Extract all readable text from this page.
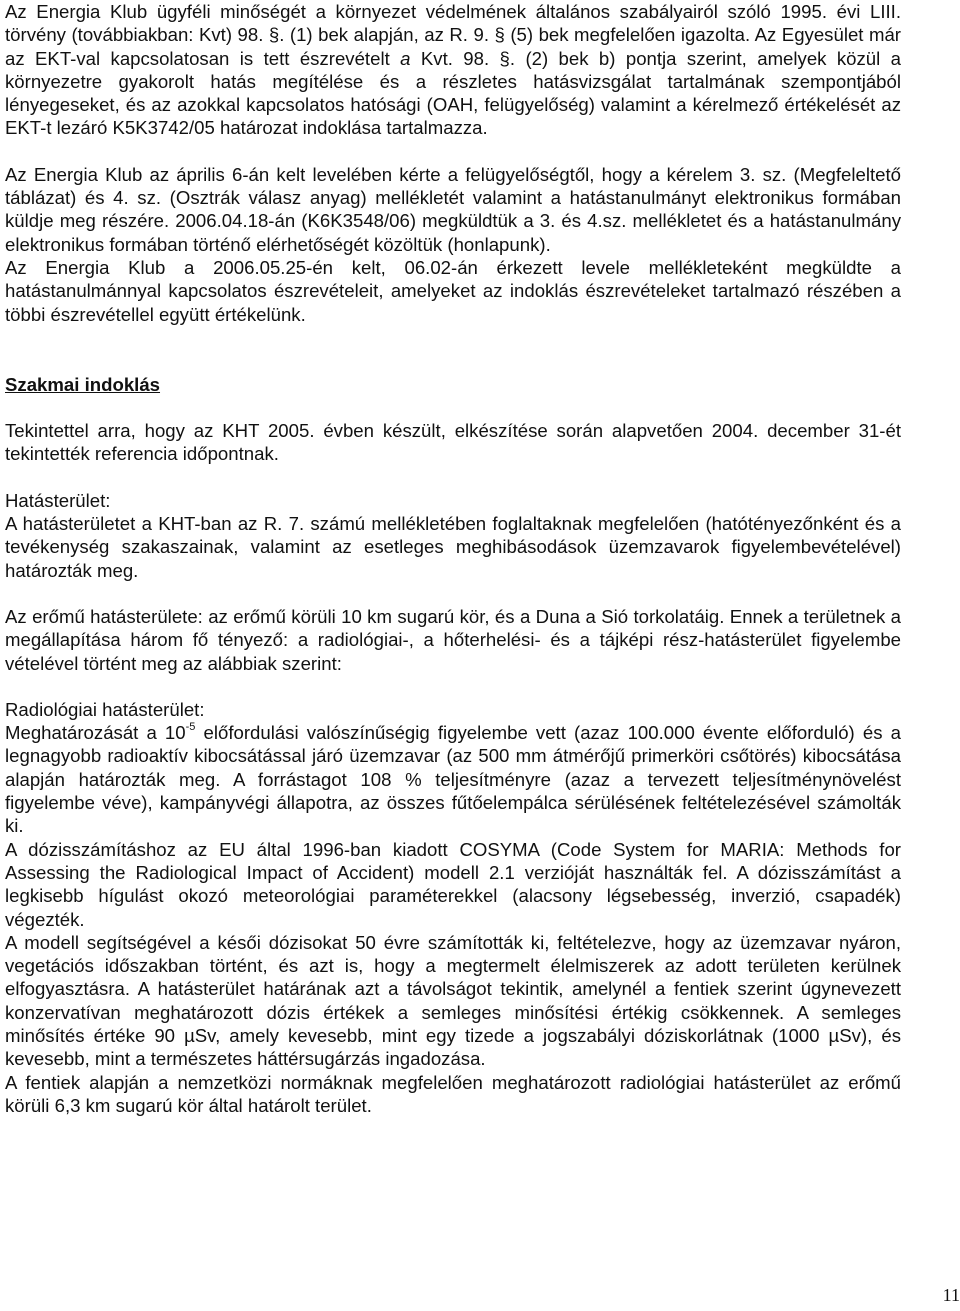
Az Energia Klub ügyféli minőségét a környezet védelmének általános szabályairól szóló 1995. évi LIII. törvény (továbbiakban: Kvt) 98. §. (1) bek alapján, az R. 9. § (5) bek megfelelően igazolta. Az Egyesület már az EKT-val kapcsolatosan is tett észrevételt a Kvt. 98. §. (2) bek b) pontja szerint, amelyek közül a környezetre gyakorolt hatás megítélése és a részletes hatásvizsgálat tartalmának szempontjából lényegeseket, és az azokkal kapcsolatos hatósági (OAH, felügyelőség) valamint a kérelmező értékelését az EKT-t lezáró K5K3742/05 határozat indoklása tartalmazza.

Az Energia Klub az április 6-án kelt levelében kérte a felügyelőségtől, hogy a kérelem 3. sz. (Megfeleltető táblázat) és 4. sz. (Osztrák válasz anyag) mellékletét valamint a hatástanulmányt elektronikus formában küldje meg részére. 2006.04.18-án (K6K3548/06) megküldtük a 3. és 4.sz. mellékletet és a hatástanulmány elektronikus formában történő elérhetőségét közöltük (honlapunk).

Az Energia Klub a 2006.05.25-én kelt, 06.02-án érkezett levele mellékleteként megküldte a hatástanulmánnyal kapcsolatos észrevételeit, amelyeket az indoklás észrevételeket tartalmazó részében a többi észrevétellel együtt értékelünk.

Szakmai indoklás

Tekintettel arra, hogy az KHT 2005. évben készült, elkészítése során alapvetően 2004. december 31-ét tekintették referencia időpontnak.

Hatásterület:

A hatásterületet a KHT-ban az R. 7. számú mellékletében foglaltaknak megfelelően (hatótényezőnként és a tevékenység szakaszainak, valamint az esetleges meghibásodások üzemzavarok figyelembevételével) határozták meg.

Az erőmű hatásterülete: az erőmű körüli 10 km sugarú kör, és a Duna a Sió torkolatáig. Ennek a területnek a megállapítása három fő tényező: a radiológiai-, a hőterhelési- és a tájképi rész-hatásterület figyelembe vételével történt meg az alábbiak szerint:

Radiológiai hatásterület:

Meghatározását a $10^{-5}$ előfordulási valószínűségig figyelembe vett (azaz 100.000 évente előforduló) és a legnagyobb radioaktív kibocsátással járó üzemzavar (az 500 mm átmérőjű primerköri csőtörés) kibocsátása alapján határozták meg. A forrástagot 108 % teljesítményre (azaz a tervezett teljesítménynövelést figyelembe véve), kampányvégi állapotra, az összes fűtőelempálca sérülésének feltételezésével számolták ki.

A dózisszámításhoz az EU által 1996-ban kiadott COSYMA (Code System for MARIA: Methods for Assessing the Radiological Impact of Accident) modell 2.1 verzióját használták fel. A dózisszámítást a legkisebb hígulást okozó meteorológiai paraméterekkel (alacsony légsebesség, inverzió, csapadék) végezték.

A modell segítségével a késői dózisokat 50 évre számították ki, feltételezve, hogy az üzemzavar nyáron, vegetációs időszakban történt, és azt is, hogy a megtermelt élelmiszerek az adott területen kerülnek elfogyasztásra. A hatásterület határának azt a távolságot tekintik, amelynél a fentiek szerint úgynevezett konzervatívan meghatározott dózis értékek a semleges minősítési értékig csökkennek. A semleges minősítés értéke 90 µSv, amely kevesebb, mint egy tizede a jogszabályi dóziskorlátnak (1000 µSv), és kevesebb, mint a természetes háttérsugárzás ingadozása.

A fentiek alapján a nemzetközi normáknak megfelelően meghatározott radiológiai hatásterület az erőmű körüli 6,3 km sugarú kör által határolt terület.

11
